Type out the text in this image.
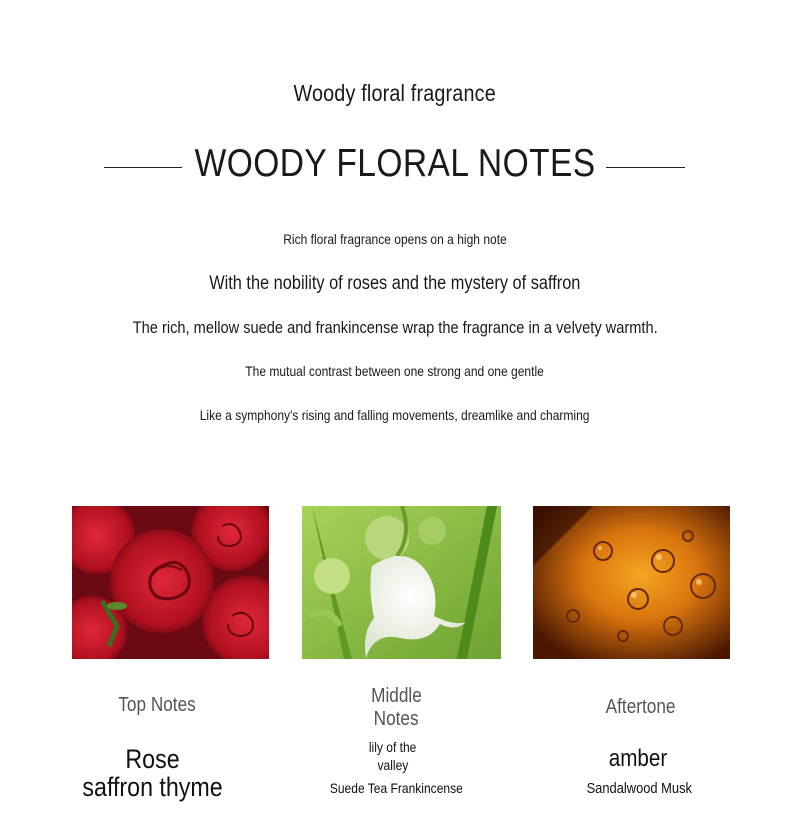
Woody floral fragrance
WOODY FLORAL NOTES
Rich floral fragrance opens on a high note
With the nobility of roses and the mystery of saffron
The rich, mellow suede and frankincense wrap the fragrance in a velvety warmth.
The mutual contrast between one strong and one gentle
Like a symphony's rising and falling movements, dreamlike and charming
Top Notes
Rose
saffron thyme
Middle
Notes
lily of the
valley
Suede Tea Frankincense
Aftertone
amber
Sandalwood Musk
